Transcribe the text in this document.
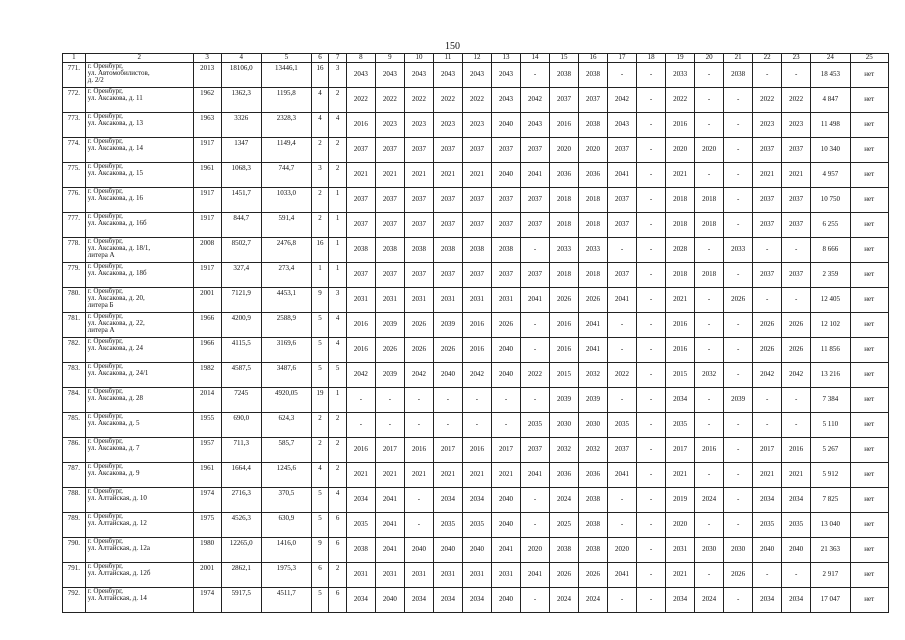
150
1	2	3	4	5	6	7	8	9	10	11	12	13	14	15	16	17	18	19	20	21	22	23	24	25
771.	г. Оренбург,
ул. Автомобилистов,
д. 2/2	2013	18106,0	13446,1	16	3	2043	2043	2043	2043	2043	2043	-	2038	2038	-	-	2033	-	2038	-	-	18 453	нет
772.	г. Оренбург,
ул. Аксакова, д. 11	1962	1362,3	1195,8	4	2	2022	2022	2022	2022	2022	2043	2042	2037	2037	2042	-	2022	-	-	2022	2022	4 847	нет
773.	г. Оренбург,
ул. Аксакова, д. 13	1963	3326	2328,3	4	4	2016	2023	2023	2023	2023	2040	2043	2016	2038	2043	-	2016	-	-	2023	2023	11 498	нет
774.	г. Оренбург,
ул. Аксакова, д. 14	1917	1347	1149,4	2	2	2037	2037	2037	2037	2037	2037	2037	2020	2020	2037	-	2020	2020	-	2037	2037	10 340	нет
775.	г. Оренбург,
ул. Аксакова, д. 15	1961	1068,3	744,7	3	2	2021	2021	2021	2021	2021	2040	2041	2036	2036	2041	-	2021	-	-	2021	2021	4 957	нет
776.	г. Оренбург,
ул. Аксакова, д. 16	1917	1451,7	1033,0	2	1	2037	2037	2037	2037	2037	2037	2037	2018	2018	2037	-	2018	2018	-	2037	2037	10 750	нет
777.	г. Оренбург,
ул. Аксакова, д. 16б	1917	844,7	591,4	2	1	2037	2037	2037	2037	2037	2037	2037	2018	2018	2037	-	2018	2018	-	2037	2037	6 255	нет
778.	г. Оренбург,
ул. Аксакова, д. 18/1,
литера А	2008	8502,7	2476,8	16	1	2038	2038	2038	2038	2038	2038	-	2033	2033	-	-	2028	-	2033	-	-	8 666	нет
779.	г. Оренбург,
ул. Аксакова, д. 18б	1917	327,4	273,4	1	1	2037	2037	2037	2037	2037	2037	2037	2018	2018	2037	-	2018	2018	-	2037	2037	2 359	нет
780.	г. Оренбург,
ул. Аксакова, д. 20,
литера Б	2001	7121,9	4453,1	9	3	2031	2031	2031	2031	2031	2031	2041	2026	2026	2041	-	2021	-	2026	-	-	12 405	нет
781.	г. Оренбург,
ул. Аксакова, д. 22,
литера А	1966	4200,9	2588,9	5	4	2016	2039	2026	2039	2016	2026	-	2016	2041	-	-	2016	-	-	2026	2026	12 102	нет
782.	г. Оренбург,
ул. Аксакова, д. 24	1966	4115,5	3169,6	5	4	2016	2026	2026	2026	2016	2040	-	2016	2041	-	-	2016	-	-	2026	2026	11 856	нет
783.	г. Оренбург,
ул. Аксакова, д. 24/1	1982	4587,5	3487,6	5	5	2042	2039	2042	2040	2042	2040	2022	2015	2032	2022	-	2015	2032	-	2042	2042	13 216	нет
784.	г. Оренбург,
ул. Аксакова, д. 28	2014	7245	4920,05	19	1	-	-	-	-	-	-	-	2039	2039	-	-	2034	-	2039	-	-	7 384	нет
785.	г. Оренбург,
ул. Аксакова, д. 5	1955	690,0	624,3	2	2	-	-	-	-	-	-	2035	2030	2030	2035	-	2035	-	-	-	-	5 110	нет
786.	г. Оренбург,
ул. Аксакова, д. 7	1957	711,3	585,7	2	2	2016	2017	2016	2017	2016	2017	2037	2032	2032	2037	-	2017	2016	-	2017	2016	5 267	нет
787.	г. Оренбург,
ул. Аксакова, д. 9	1961	1664,4	1245,6	4	2	2021	2021	2021	2021	2021	2021	2041	2036	2036	2041	-	2021	-	-	2021	2021	5 912	нет
788.	г. Оренбург,
ул. Алтайская, д. 10	1974	2716,3	370,5	5	4	2034	2041	-	2034	2034	2040	-	2024	2038	-	-	2019	2024	-	2034	2034	7 825	нет
789.	г. Оренбург,
ул. Алтайская, д. 12	1975	4526,3	630,9	5	6	2035	2041	-	2035	2035	2040	-	2025	2038	-	-	2020	-	-	2035	2035	13 040	нет
790.	г. Оренбург,
ул. Алтайская, д. 12а	1980	12265,0	1416,0	9	6	2038	2041	2040	2040	2040	2041	2020	2038	2038	2020	-	2031	2030	2030	2040	2040	21 363	нет
791.	г. Оренбург,
ул. Алтайская, д. 12б	2001	2862,1	1975,3	6	2	2031	2031	2031	2031	2031	2031	2041	2026	2026	2041	-	2021	-	2026	-	-	2 917	нет
792.	г. Оренбург,
ул. Алтайская, д. 14	1974	5917,5	4511,7	5	6	2034	2040	2034	2034	2034	2040	-	2024	2024	-	-	2034	2024	-	2034	2034	17 047	нет
